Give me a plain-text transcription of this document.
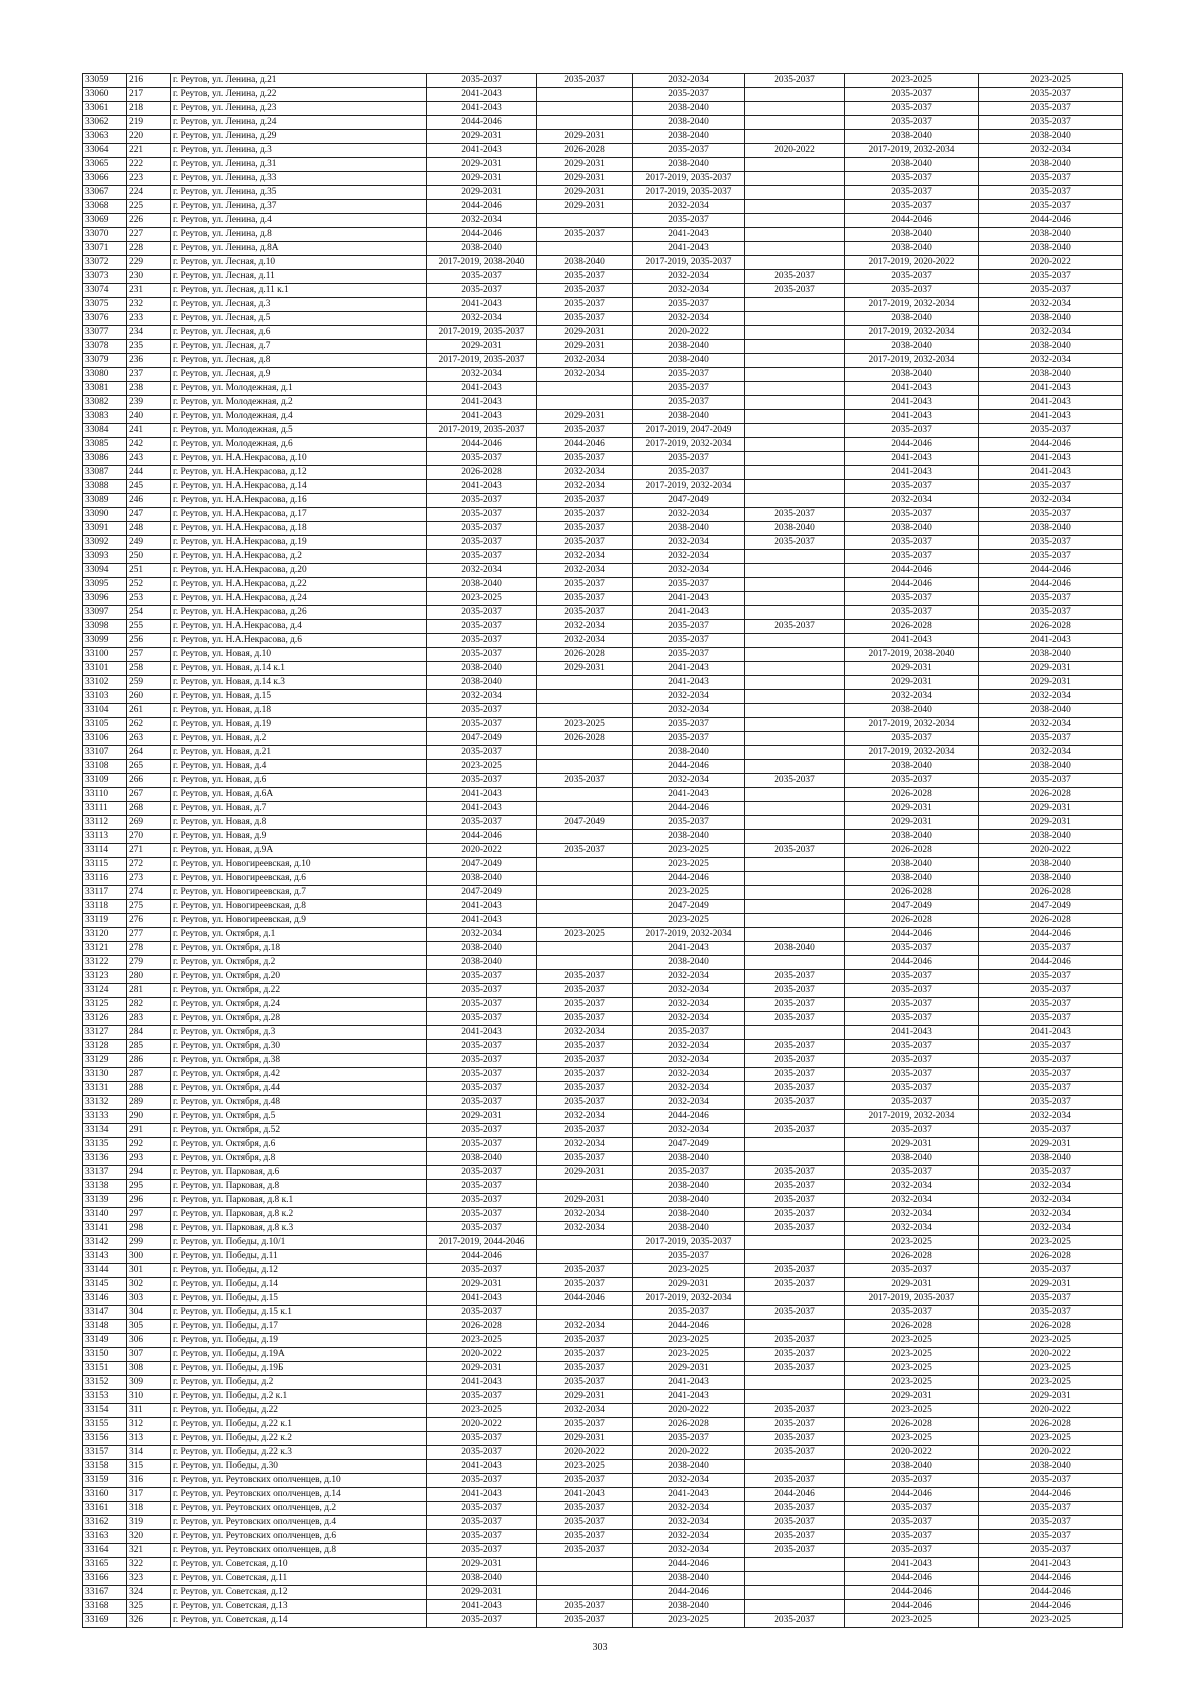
33059	216	г. Реутов, ул. Ленина, д.21	2035-2037	2035-2037	2032-2034	2035-2037	2023-2025	2023-2025
33060	217	г. Реутов, ул. Ленина, д.22	2041-2043		2035-2037		2035-2037	2035-2037
33061	218	г. Реутов, ул. Ленина, д.23	2041-2043		2038-2040		2035-2037	2035-2037
33062	219	г. Реутов, ул. Ленина, д.24	2044-2046		2038-2040		2035-2037	2035-2037
33063	220	г. Реутов, ул. Ленина, д.29	2029-2031	2029-2031	2038-2040		2038-2040	2038-2040
33064	221	г. Реутов, ул. Ленина, д.3	2041-2043	2026-2028	2035-2037	2020-2022	2017-2019, 2032-2034	2032-2034
33065	222	г. Реутов, ул. Ленина, д.31	2029-2031	2029-2031	2038-2040		2038-2040	2038-2040
33066	223	г. Реутов, ул. Ленина, д.33	2029-2031	2029-2031	2017-2019, 2035-2037		2035-2037	2035-2037
33067	224	г. Реутов, ул. Ленина, д.35	2029-2031	2029-2031	2017-2019, 2035-2037		2035-2037	2035-2037
33068	225	г. Реутов, ул. Ленина, д.37	2044-2046	2029-2031	2032-2034		2035-2037	2035-2037
33069	226	г. Реутов, ул. Ленина, д.4	2032-2034		2035-2037		2044-2046	2044-2046
33070	227	г. Реутов, ул. Ленина, д.8	2044-2046	2035-2037	2041-2043		2038-2040	2038-2040
33071	228	г. Реутов, ул. Ленина, д.8А	2038-2040		2041-2043		2038-2040	2038-2040
33072	229	г. Реутов, ул. Лесная, д.10	2017-2019, 2038-2040	2038-2040	2017-2019, 2035-2037		2017-2019, 2020-2022	2020-2022
33073	230	г. Реутов, ул. Лесная, д.11	2035-2037	2035-2037	2032-2034	2035-2037	2035-2037	2035-2037
33074	231	г. Реутов, ул. Лесная, д.11 к.1	2035-2037	2035-2037	2032-2034	2035-2037	2035-2037	2035-2037
33075	232	г. Реутов, ул. Лесная, д.3	2041-2043	2035-2037	2035-2037		2017-2019, 2032-2034	2032-2034
33076	233	г. Реутов, ул. Лесная, д.5	2032-2034	2035-2037	2032-2034		2038-2040	2038-2040
33077	234	г. Реутов, ул. Лесная, д.6	2017-2019, 2035-2037	2029-2031	2020-2022		2017-2019, 2032-2034	2032-2034
33078	235	г. Реутов, ул. Лесная, д.7	2029-2031	2029-2031	2038-2040		2038-2040	2038-2040
33079	236	г. Реутов, ул. Лесная, д.8	2017-2019, 2035-2037	2032-2034	2038-2040		2017-2019, 2032-2034	2032-2034
33080	237	г. Реутов, ул. Лесная, д.9	2032-2034	2032-2034	2035-2037		2038-2040	2038-2040
33081	238	г. Реутов, ул. Молодежная, д.1	2041-2043		2035-2037		2041-2043	2041-2043
33082	239	г. Реутов, ул. Молодежная, д.2	2041-2043		2035-2037		2041-2043	2041-2043
33083	240	г. Реутов, ул. Молодежная, д.4	2041-2043	2029-2031	2038-2040		2041-2043	2041-2043
33084	241	г. Реутов, ул. Молодежная, д.5	2017-2019, 2035-2037	2035-2037	2017-2019, 2047-2049		2035-2037	2035-2037
33085	242	г. Реутов, ул. Молодежная, д.6	2044-2046	2044-2046	2017-2019, 2032-2034		2044-2046	2044-2046
33086	243	г. Реутов, ул. Н.А.Некрасова, д.10	2035-2037	2035-2037	2035-2037		2041-2043	2041-2043
33087	244	г. Реутов, ул. Н.А.Некрасова, д.12	2026-2028	2032-2034	2035-2037		2041-2043	2041-2043
33088	245	г. Реутов, ул. Н.А.Некрасова, д.14	2041-2043	2032-2034	2017-2019, 2032-2034		2035-2037	2035-2037
33089	246	г. Реутов, ул. Н.А.Некрасова, д.16	2035-2037	2035-2037	2047-2049		2032-2034	2032-2034
33090	247	г. Реутов, ул. Н.А.Некрасова, д.17	2035-2037	2035-2037	2032-2034	2035-2037	2035-2037	2035-2037
33091	248	г. Реутов, ул. Н.А.Некрасова, д.18	2035-2037	2035-2037	2038-2040	2038-2040	2038-2040	2038-2040
33092	249	г. Реутов, ул. Н.А.Некрасова, д.19	2035-2037	2035-2037	2032-2034	2035-2037	2035-2037	2035-2037
33093	250	г. Реутов, ул. Н.А.Некрасова, д.2	2035-2037	2032-2034	2032-2034		2035-2037	2035-2037
33094	251	г. Реутов, ул. Н.А.Некрасова, д.20	2032-2034	2032-2034	2032-2034		2044-2046	2044-2046
33095	252	г. Реутов, ул. Н.А.Некрасова, д.22	2038-2040	2035-2037	2035-2037		2044-2046	2044-2046
33096	253	г. Реутов, ул. Н.А.Некрасова, д.24	2023-2025	2035-2037	2041-2043		2035-2037	2035-2037
33097	254	г. Реутов, ул. Н.А.Некрасова, д.26	2035-2037	2035-2037	2041-2043		2035-2037	2035-2037
33098	255	г. Реутов, ул. Н.А.Некрасова, д.4	2035-2037	2032-2034	2035-2037	2035-2037	2026-2028	2026-2028
33099	256	г. Реутов, ул. Н.А.Некрасова, д.6	2035-2037	2032-2034	2035-2037		2041-2043	2041-2043
33100	257	г. Реутов, ул. Новая, д.10	2035-2037	2026-2028	2035-2037		2017-2019, 2038-2040	2038-2040
33101	258	г. Реутов, ул. Новая, д.14 к.1	2038-2040	2029-2031	2041-2043		2029-2031	2029-2031
33102	259	г. Реутов, ул. Новая, д.14 к.3	2038-2040		2041-2043		2029-2031	2029-2031
33103	260	г. Реутов, ул. Новая, д.15	2032-2034		2032-2034		2032-2034	2032-2034
33104	261	г. Реутов, ул. Новая, д.18	2035-2037		2032-2034		2038-2040	2038-2040
33105	262	г. Реутов, ул. Новая, д.19	2035-2037	2023-2025	2035-2037		2017-2019, 2032-2034	2032-2034
33106	263	г. Реутов, ул. Новая, д.2	2047-2049	2026-2028	2035-2037		2035-2037	2035-2037
33107	264	г. Реутов, ул. Новая, д.21	2035-2037		2038-2040		2017-2019, 2032-2034	2032-2034
33108	265	г. Реутов, ул. Новая, д.4	2023-2025		2044-2046		2038-2040	2038-2040
33109	266	г. Реутов, ул. Новая, д.6	2035-2037	2035-2037	2032-2034	2035-2037	2035-2037	2035-2037
33110	267	г. Реутов, ул. Новая, д.6А	2041-2043		2041-2043		2026-2028	2026-2028
33111	268	г. Реутов, ул. Новая, д.7	2041-2043		2044-2046		2029-2031	2029-2031
33112	269	г. Реутов, ул. Новая, д.8	2035-2037	2047-2049	2035-2037		2029-2031	2029-2031
33113	270	г. Реутов, ул. Новая, д.9	2044-2046		2038-2040		2038-2040	2038-2040
33114	271	г. Реутов, ул. Новая, д.9А	2020-2022	2035-2037	2023-2025	2035-2037	2026-2028	2020-2022
33115	272	г. Реутов, ул. Новогиреевская, д.10	2047-2049		2023-2025		2038-2040	2038-2040
33116	273	г. Реутов, ул. Новогиреевская, д.6	2038-2040		2044-2046		2038-2040	2038-2040
33117	274	г. Реутов, ул. Новогиреевская, д.7	2047-2049		2023-2025		2026-2028	2026-2028
33118	275	г. Реутов, ул. Новогиреевская, д.8	2041-2043		2047-2049		2047-2049	2047-2049
33119	276	г. Реутов, ул. Новогиреевская, д.9	2041-2043		2023-2025		2026-2028	2026-2028
33120	277	г. Реутов, ул. Октября, д.1	2032-2034	2023-2025	2017-2019, 2032-2034		2044-2046	2044-2046
33121	278	г. Реутов, ул. Октября, д.18	2038-2040		2041-2043	2038-2040	2035-2037	2035-2037
33122	279	г. Реутов, ул. Октября, д.2	2038-2040		2038-2040		2044-2046	2044-2046
33123	280	г. Реутов, ул. Октября, д.20	2035-2037	2035-2037	2032-2034	2035-2037	2035-2037	2035-2037
33124	281	г. Реутов, ул. Октября, д.22	2035-2037	2035-2037	2032-2034	2035-2037	2035-2037	2035-2037
33125	282	г. Реутов, ул. Октября, д.24	2035-2037	2035-2037	2032-2034	2035-2037	2035-2037	2035-2037
33126	283	г. Реутов, ул. Октября, д.28	2035-2037	2035-2037	2032-2034	2035-2037	2035-2037	2035-2037
33127	284	г. Реутов, ул. Октября, д.3	2041-2043	2032-2034	2035-2037		2041-2043	2041-2043
33128	285	г. Реутов, ул. Октября, д.30	2035-2037	2035-2037	2032-2034	2035-2037	2035-2037	2035-2037
33129	286	г. Реутов, ул. Октября, д.38	2035-2037	2035-2037	2032-2034	2035-2037	2035-2037	2035-2037
33130	287	г. Реутов, ул. Октября, д.42	2035-2037	2035-2037	2032-2034	2035-2037	2035-2037	2035-2037
33131	288	г. Реутов, ул. Октября, д.44	2035-2037	2035-2037	2032-2034	2035-2037	2035-2037	2035-2037
33132	289	г. Реутов, ул. Октября, д.48	2035-2037	2035-2037	2032-2034	2035-2037	2035-2037	2035-2037
33133	290	г. Реутов, ул. Октября, д.5	2029-2031	2032-2034	2044-2046		2017-2019, 2032-2034	2032-2034
33134	291	г. Реутов, ул. Октября, д.52	2035-2037	2035-2037	2032-2034	2035-2037	2035-2037	2035-2037
33135	292	г. Реутов, ул. Октября, д.6	2035-2037	2032-2034	2047-2049		2029-2031	2029-2031
33136	293	г. Реутов, ул. Октября, д.8	2038-2040	2035-2037	2038-2040		2038-2040	2038-2040
33137	294	г. Реутов, ул. Парковая, д.6	2035-2037	2029-2031	2035-2037	2035-2037	2035-2037	2035-2037
33138	295	г. Реутов, ул. Парковая, д.8	2035-2037		2038-2040	2035-2037	2032-2034	2032-2034
33139	296	г. Реутов, ул. Парковая, д.8 к.1	2035-2037	2029-2031	2038-2040	2035-2037	2032-2034	2032-2034
33140	297	г. Реутов, ул. Парковая, д.8 к.2	2035-2037	2032-2034	2038-2040	2035-2037	2032-2034	2032-2034
33141	298	г. Реутов, ул. Парковая, д.8 к.3	2035-2037	2032-2034	2038-2040	2035-2037	2032-2034	2032-2034
33142	299	г. Реутов, ул. Победы, д.10/1	2017-2019, 2044-2046		2017-2019, 2035-2037		2023-2025	2023-2025
33143	300	г. Реутов, ул. Победы, д.11	2044-2046		2035-2037		2026-2028	2026-2028
33144	301	г. Реутов, ул. Победы, д.12	2035-2037	2035-2037	2023-2025	2035-2037	2035-2037	2035-2037
33145	302	г. Реутов, ул. Победы, д.14	2029-2031	2035-2037	2029-2031	2035-2037	2029-2031	2029-2031
33146	303	г. Реутов, ул. Победы, д.15	2041-2043	2044-2046	2017-2019, 2032-2034		2017-2019, 2035-2037	2035-2037
33147	304	г. Реутов, ул. Победы, д.15 к.1	2035-2037		2035-2037	2035-2037	2035-2037	2035-2037
33148	305	г. Реутов, ул. Победы, д.17	2026-2028	2032-2034	2044-2046		2026-2028	2026-2028
33149	306	г. Реутов, ул. Победы, д.19	2023-2025	2035-2037	2023-2025	2035-2037	2023-2025	2023-2025
33150	307	г. Реутов, ул. Победы, д.19А	2020-2022	2035-2037	2023-2025	2035-2037	2023-2025	2020-2022
33151	308	г. Реутов, ул. Победы, д.19Б	2029-2031	2035-2037	2029-2031	2035-2037	2023-2025	2023-2025
33152	309	г. Реутов, ул. Победы, д.2	2041-2043	2035-2037	2041-2043		2023-2025	2023-2025
33153	310	г. Реутов, ул. Победы, д.2 к.1	2035-2037	2029-2031	2041-2043		2029-2031	2029-2031
33154	311	г. Реутов, ул. Победы, д.22	2023-2025	2032-2034	2020-2022	2035-2037	2023-2025	2020-2022
33155	312	г. Реутов, ул. Победы, д.22 к.1	2020-2022	2035-2037	2026-2028	2035-2037	2026-2028	2026-2028
33156	313	г. Реутов, ул. Победы, д.22 к.2	2035-2037	2029-2031	2035-2037	2035-2037	2023-2025	2023-2025
33157	314	г. Реутов, ул. Победы, д.22 к.3	2035-2037	2020-2022	2020-2022	2035-2037	2020-2022	2020-2022
33158	315	г. Реутов, ул. Победы, д.30	2041-2043	2023-2025	2038-2040		2038-2040	2038-2040
33159	316	г. Реутов, ул. Реутовских ополченцев, д.10	2035-2037	2035-2037	2032-2034	2035-2037	2035-2037	2035-2037
33160	317	г. Реутов, ул. Реутовских ополченцев, д.14	2041-2043	2041-2043	2041-2043	2044-2046	2044-2046	2044-2046
33161	318	г. Реутов, ул. Реутовских ополченцев, д.2	2035-2037	2035-2037	2032-2034	2035-2037	2035-2037	2035-2037
33162	319	г. Реутов, ул. Реутовских ополченцев, д.4	2035-2037	2035-2037	2032-2034	2035-2037	2035-2037	2035-2037
33163	320	г. Реутов, ул. Реутовских ополченцев, д.6	2035-2037	2035-2037	2032-2034	2035-2037	2035-2037	2035-2037
33164	321	г. Реутов, ул. Реутовских ополченцев, д.8	2035-2037	2035-2037	2032-2034	2035-2037	2035-2037	2035-2037
33165	322	г. Реутов, ул. Советская, д.10	2029-2031		2044-2046		2041-2043	2041-2043
33166	323	г. Реутов, ул. Советская, д.11	2038-2040		2038-2040		2044-2046	2044-2046
33167	324	г. Реутов, ул. Советская, д.12	2029-2031		2044-2046		2044-2046	2044-2046
33168	325	г. Реутов, ул. Советская, д.13	2041-2043	2035-2037	2038-2040		2044-2046	2044-2046
33169	326	г. Реутов, ул. Советская, д.14	2035-2037	2035-2037	2023-2025	2035-2037	2023-2025	2023-2025
303
